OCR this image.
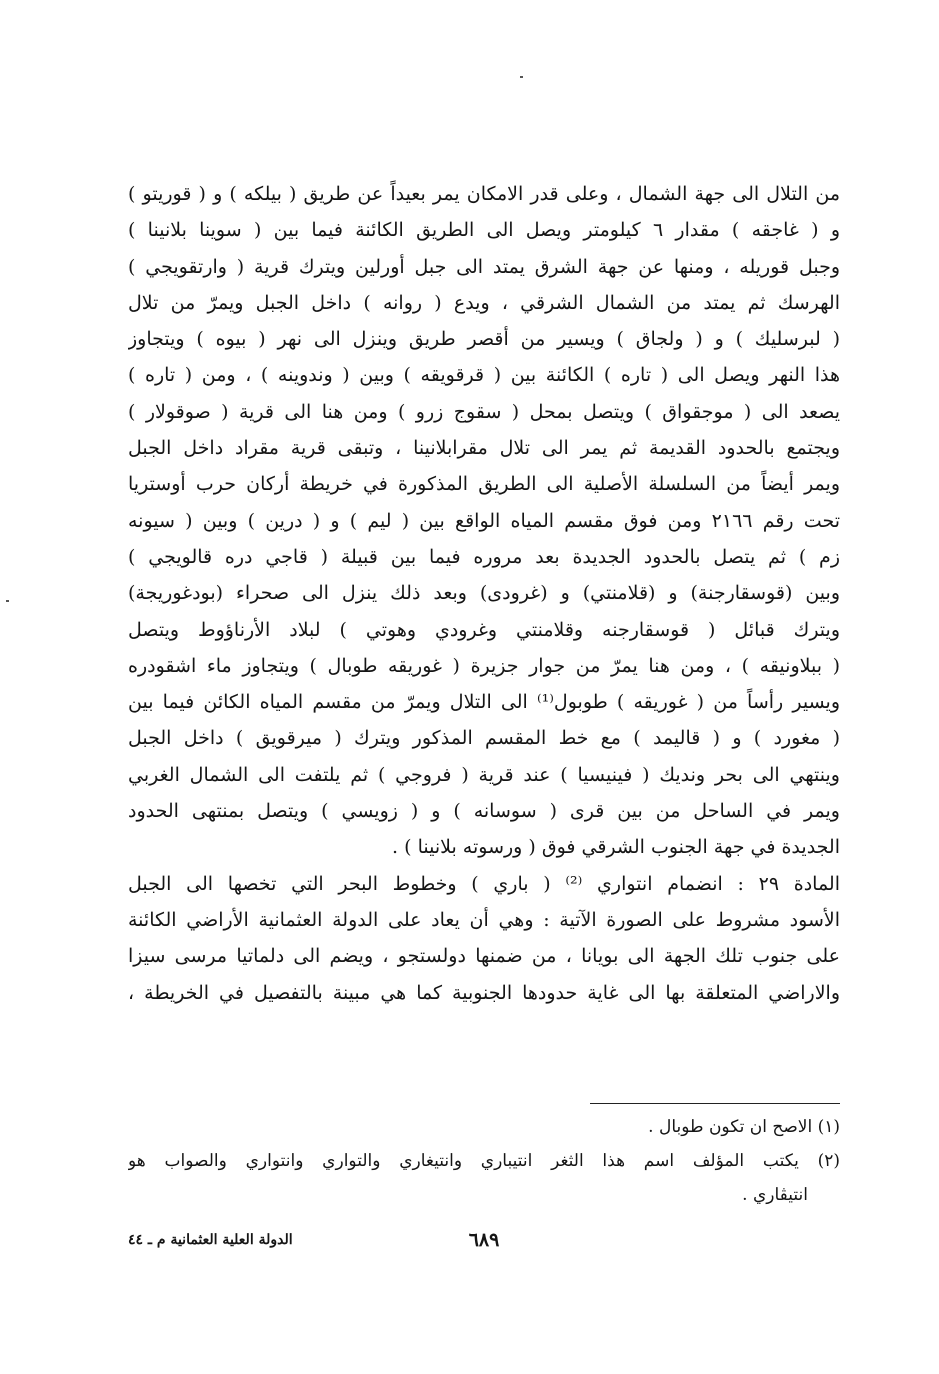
من التلال الى جهة الشمال ، وعلى قدر الامكان يمر بعيداً عن طريق ( بيلكه ) و ( قوريتو )
و ( غاجقه ) مقدار ٦ كيلومتر ويصل الى الطريق الكائنة فيما بين ( سوينا بلانينا )
وجبل قوريله ، ومنها عن جهة الشرق يمتد الى جبل أورلين ويترك قرية ( وارتقويجي )
الهرسك ثم يمتد من الشمال الشرقي ، ويدع ( روانه ) داخل الجبل ويمرّ من تلال
( لبرسليك ) و ( ولجاق ) ويسير من أقصر طريق وينزل الى نهر ( بيوه ) ويتجاوز
هذا النهر ويصل الى ( تاره ) الكائنة بين ( قرقويقه ) وبين ( وندوينه ) ، ومن ( تاره )
يصعد الى ( موجقواق ) ويتصل بمحل ( سقوج زرو ) ومن هنا الى قرية ( صوقولار )
ويجتمع بالحدود القديمة ثم يمر الى تلال مقرابلانينا ، وتبقى قرية مقراد داخل الجبل
ويمر أيضاً من السلسلة الأصلية الى الطريق المذكورة في خريطة أركان حرب أوستريا
تحت رقم ٢١٦٦ ومن فوق مقسم المياه الواقع بين ( ليم ) و ( درين ) وبين ( سيونه
زم ) ثم يتصل بالحدود الجديدة بعد مروره فيما بين قبيلة ( قاجي دره قالويجي )
وبين (قوسقارجنة) و (قلامنتي) و (غرودى) وبعد ذلك ينزل الى صحراء (بودغوريجة)
ويترك قبائل ( قوسقارجنه وقلامنتي وغرودي وهوتي ) لبلاد الأرناؤوط ويتصل
( ببلاونيقه ) ، ومن هنا يمرّ من جوار جزيرة ( غوريقه طوبال ) ويتجاوز ماء اشقودره
ويسير رأساً من ( غوريقه ) طوبول⁽¹⁾ الى التلال ويمرّ من مقسم المياه الكائن فيما بين
( مغورد ) و ( قاليمد ) مع خط المقسم المذكور ويترك ( ميرقويق ) داخل الجبل
وينتهي الى بحر ونديك ( فينيسيا ) عند قرية ( فروجي ) ثم يلتفت الى الشمال الغربي
ويمر في الساحل من بين قرى ( سوسانه ) و ( زويسي ) ويتصل بمنتهى الحدود
الجديدة في جهة الجنوب الشرقي فوق ( ورسوته بلانينا ) .
المادة ٢٩ : انضمام انتواري ⁽²⁾ ( باري ) وخطوط البحر التي تخصها الى الجبل
الأسود مشروط على الصورة الآتية : وهي أن يعاد على الدولة العثمانية الأراضي الكائنة
على جنوب تلك الجهة الى بويانا ، من ضمنها دولستجو ، ويضم الى دلماتيا مرسى سيزا
والاراضي المتعلقة بها الى غاية حدودها الجنوبية كما هي مبينة بالتفصيل في الخريطة ،
(١) الاصح ان تكون طوبال .
(٢) يكتب المؤلف اسم هذا الثغر انتيباري وانتيغاري والتواري وانتواري والصواب هو
انتيڤاري .
٦٨٩
الدولة العلية العثمانية م ـ ٤٤
